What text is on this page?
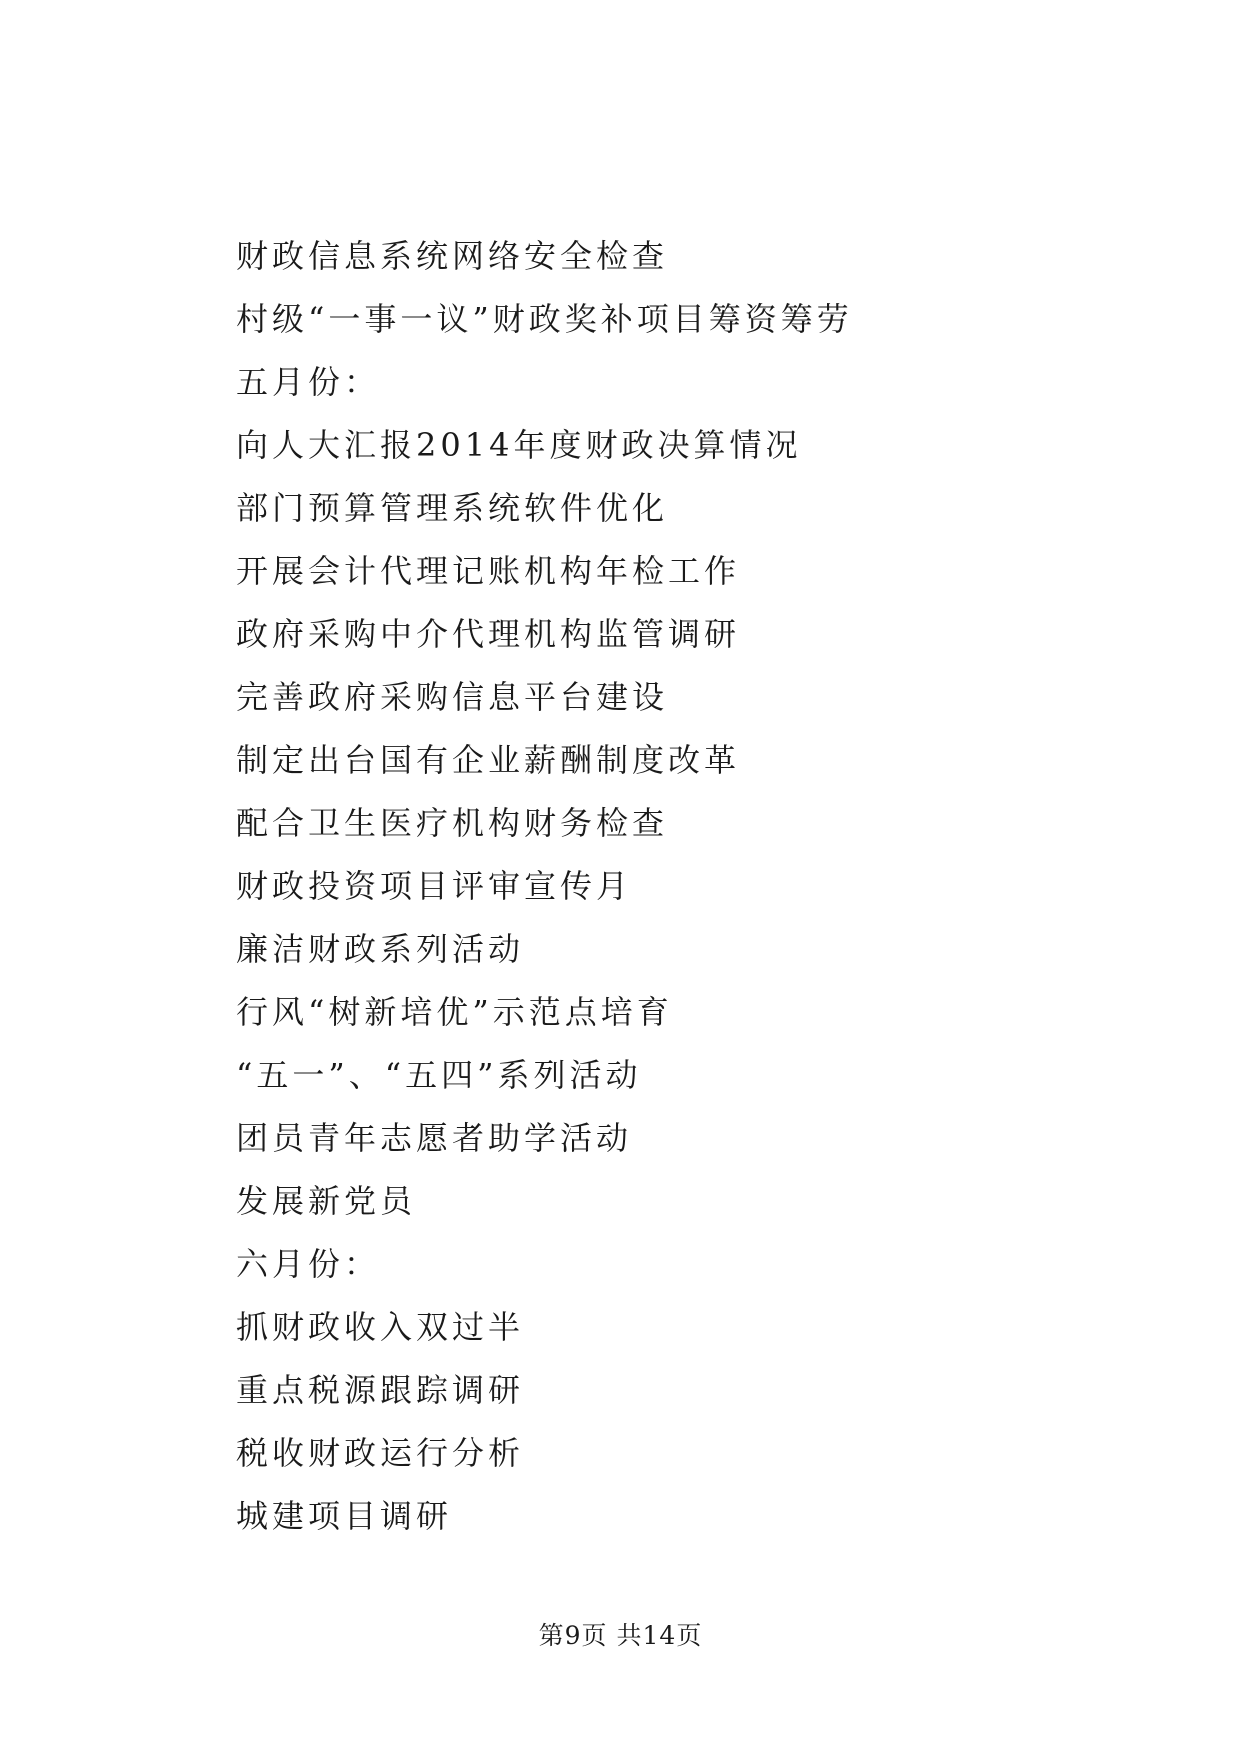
财政信息系统网络安全检查
村级“一事一议”财政奖补项目筹资筹劳
五月份：
向人大汇报2014年度财政决算情况
部门预算管理系统软件优化
开展会计代理记账机构年检工作
政府采购中介代理机构监管调研
完善政府采购信息平台建设
制定出台国有企业薪酬制度改革
配合卫生医疗机构财务检查
财政投资项目评审宣传月
廉洁财政系列活动
行风“树新培优”示范点培育
“五一”、“五四”系列活动
团员青年志愿者助学活动
发展新党员
六月份：
抓财政收入双过半
重点税源跟踪调研
税收财政运行分析
城建项目调研
第9页 共14页
